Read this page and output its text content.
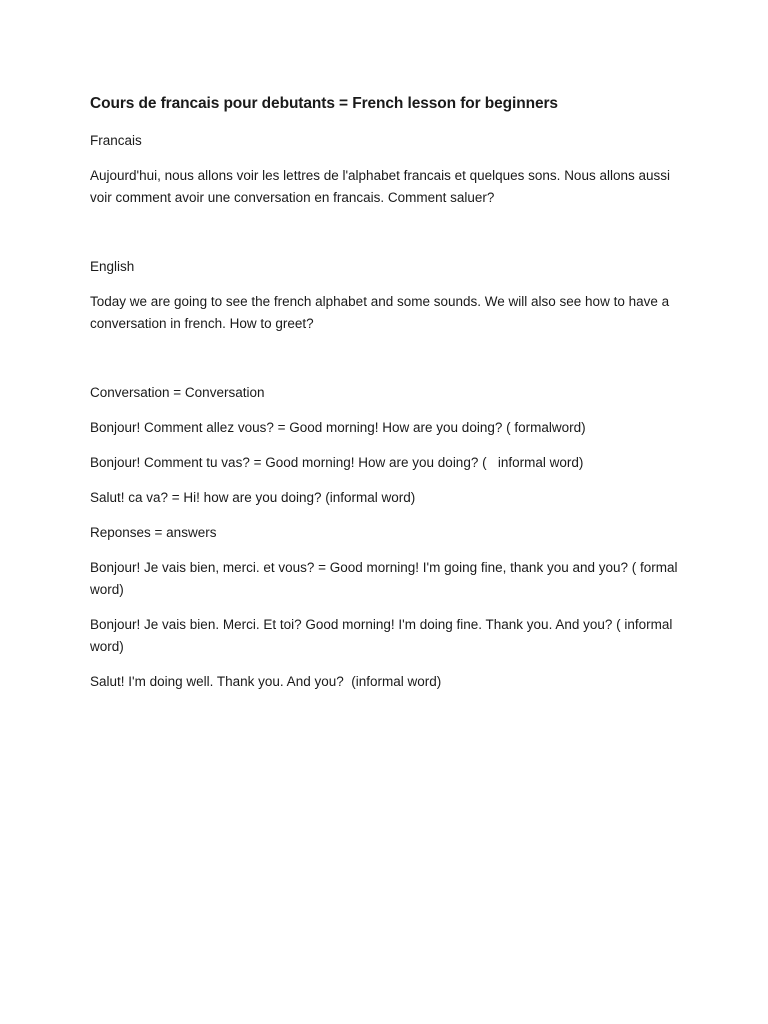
Cours de francais pour debutants = French lesson for beginners
Francais
Aujourd'hui, nous allons voir les lettres de l'alphabet francais et quelques sons. Nous allons aussi voir comment avoir une conversation en francais. Comment saluer?
English
Today we are going to see the french alphabet and some sounds. We will also see how to have a conversation in french. How to greet?
Conversation = Conversation
Bonjour! Comment allez vous? = Good morning! How are you doing? ( formalword)
Bonjour! Comment tu vas? = Good morning! How are you doing? (   informal word)
Salut! ca va? = Hi! how are you doing? (informal word)
Reponses = answers
Bonjour! Je vais bien, merci. et vous? = Good morning! I'm going fine, thank you and you? ( formal word)
Bonjour! Je vais bien. Merci. Et toi? Good morning! I'm doing fine. Thank you. And you? ( informal word)
Salut! I'm doing well. Thank you. And you?  (informal word)
